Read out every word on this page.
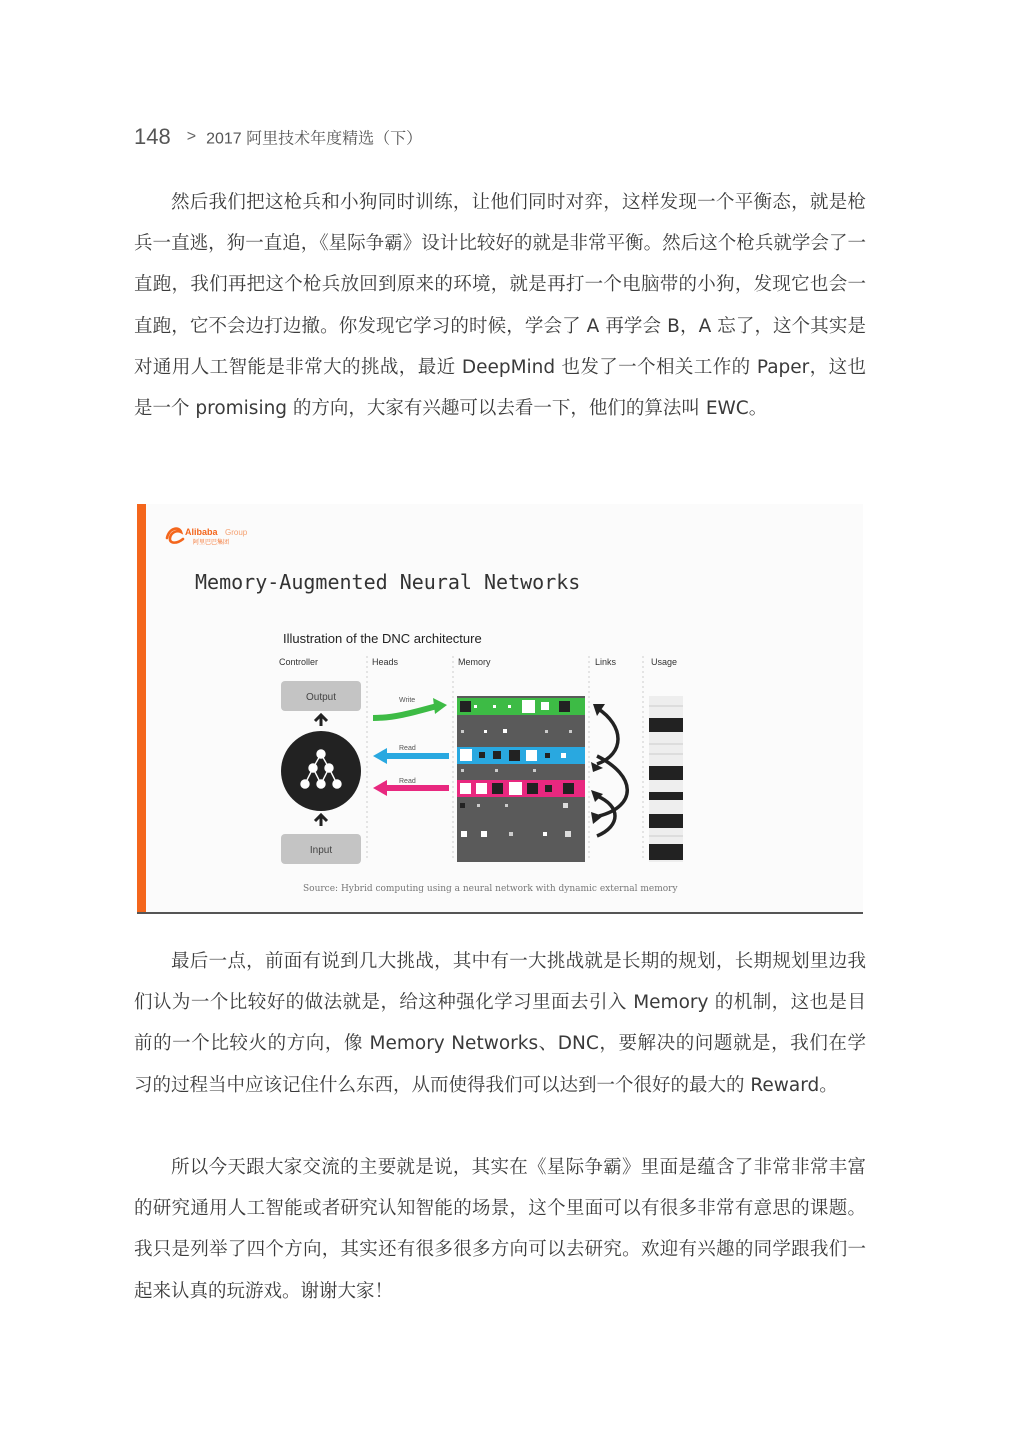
148 > 2017 阿里技术年度精选（下）

然后我们把这枪兵和小狗同时训练，让他们同时对弈，这样发现一个平衡态，就是枪兵一直逃，狗一直追，《星际争霸》设计比较好的就是非常平衡。然后这个枪兵就学会了一直跑，我们再把这个枪兵放回到原来的环境，就是再打一个电脑带的小狗，发现它也会一直跑，它不会边打边撤。你发现它学习的时候，学会了 A 再学会 B，A 忘了，这个其实是对通用人工智能是非常大的挑战，最近 DeepMind 也发了一个相关工作的 Paper，这也是一个 promising 的方向，大家有兴趣可以去看一下，他们的算法叫 EWC。

Alibaba Group
阿里巴巴集团
Memory-Augmented Neural Networks
Illustration of the DNC architecture
Controller	Heads	Memory	Links	Usage
Output
Input
Write
Read
Read
Source: Hybrid computing using a neural network with dynamic external memory

最后一点，前面有说到几大挑战，其中有一大挑战就是长期的规划，长期规划里边我们认为一个比较好的做法就是，给这种强化学习里面去引入 Memory 的机制，这也是目前的一个比较火的方向，像 Memory Networks、DNC，要解决的问题就是，我们在学习的过程当中应该记住什么东西，从而使得我们可以达到一个很好的最大的 Reward。

所以今天跟大家交流的主要就是说，其实在《星际争霸》里面是蕴含了非常非常丰富的研究通用人工智能或者研究认知智能的场景，这个里面可以有很多非常有意思的课题。我只是列举了四个方向，其实还有很多很多方向可以去研究。欢迎有兴趣的同学跟我们一起来认真的玩游戏。谢谢大家！
